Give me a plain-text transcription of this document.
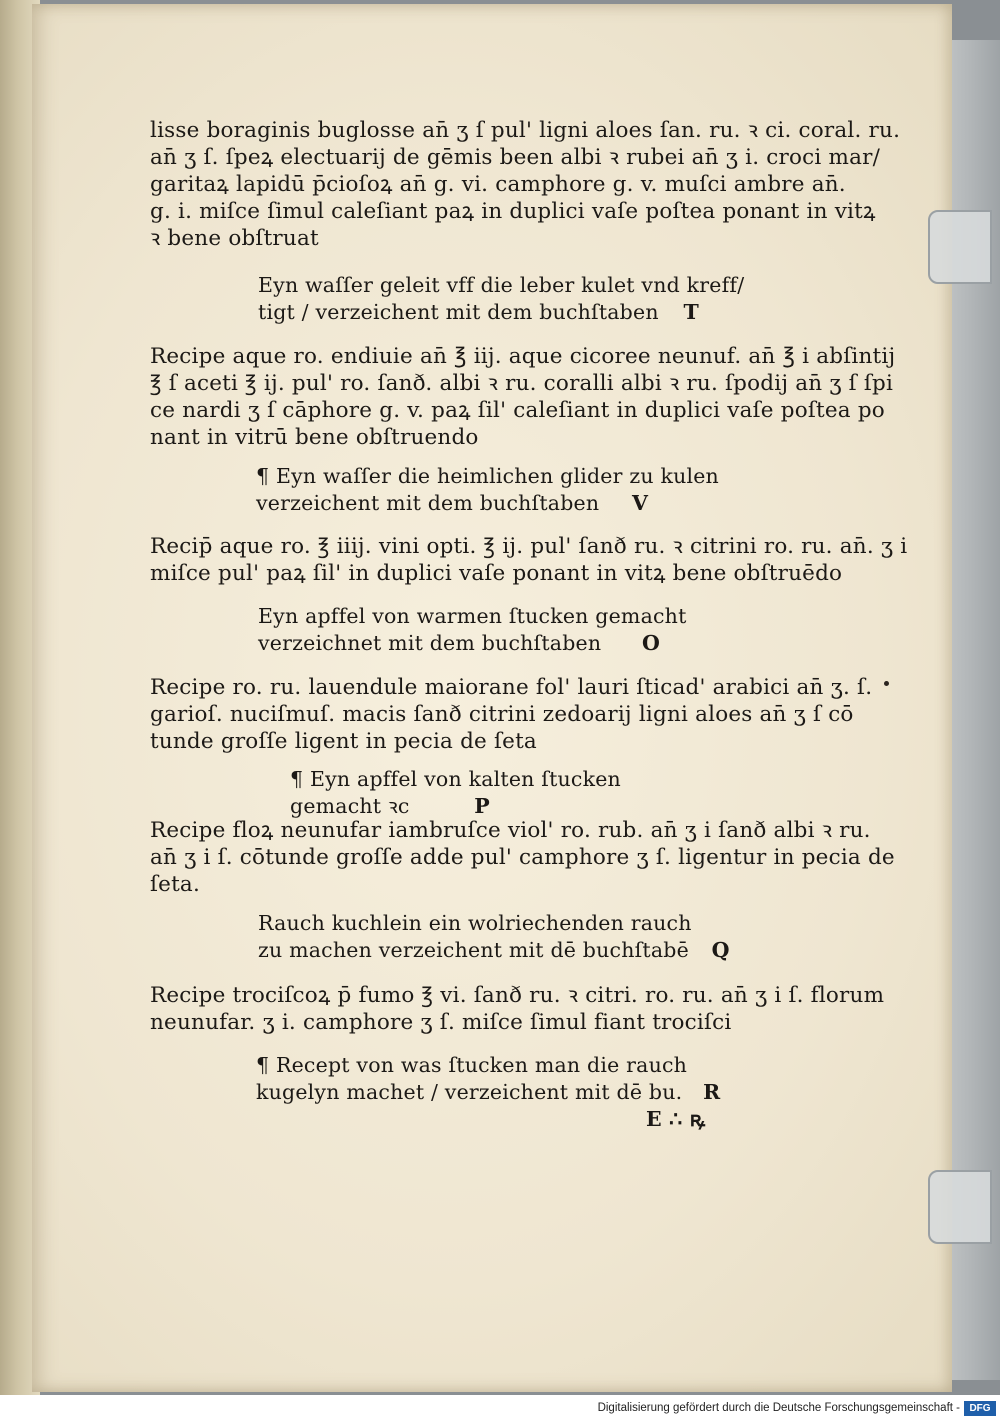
lisse boraginis buglosse an̄ ʒ ſ pul' ligni aloes ſan. ru. ꝛ ci. coral. ru.
an̄ ʒ ſ. ſpeꝝ electuarij de gēmis been albi ꝛ rubei an̄ ʒ i. croci mar/
garitaꝝ lapidū p̄cioſoꝝ an̄ g. vi. camphore g. v. muſci ambre an̄.
g. i. miſce ſimul caleſiant paꝝ in duplici vaſe poſtea ponant in vitꝝ
ꝛ bene obſtruat
Eyn waſſer geleit vff die leber kulet vnd kreff/
tigt / verzeichent mit dem buchſtaben T
Recipe aque ro. endiuie an̄ ℥ iij. aque cicoree neunuf. an̄ ℥ i abſintij
℥ ſ aceti ℥ ij. pul' ro. ſanð. albi ꝛ ru. coralli albi ꝛ ru. ſpodij an̄ ʒ ſ ſpi
ce nardi ʒ ſ cāphore g. v. paꝝ ſil' caleſiant in duplici vaſe poſtea po
nant in vitrū bene obſtruendo
¶ Eyn waſſer die heimlichen glider zu kulen
verzeichent mit dem buchſtaben V
Recip̄ aque ro. ℥ iiij. vini opti. ℥ ij. pul' ſanð ru. ꝛ citrini ro. ru. an̄. ʒ i
miſce pul' paꝝ ſil' in duplici vaſe ponant in vitꝝ bene obſtruēdo
Eyn apffel von warmen ſtucken gemacht
verzeichnet mit dem buchſtaben O
Recipe ro. ru. lauendule maiorane fol' lauri ſticad' arabici an̄ ʒ. ſ.
garioſ. nuciſmuſ. macis ſanð citrini zedoarij ligni aloes an̄ ʒ ſ cō
tunde groſſe ligent in pecia de ſeta
¶ Eyn apffel von kalten ſtucken
gemacht ꝛc	P
Recipe floꝝ neunufar iambruſce viol' ro. rub. an̄ ʒ i ſanð albi ꝛ ru.
an̄ ʒ i ſ. cōtunde groſſe adde pul' camphore ʒ ſ. ligentur in pecia de
ſeta.
Rauch kuchlein ein wolriechenden rauch
zu machen verzeichent mit dē buchſtabē Q
Recipe trociſcoꝝ p̄ fumo ℥ vi. ſanð ru. ꝛ citri. ro. ru. an̄ ʒ i ſ. florum
neunufar. ʒ i. camphore ʒ ſ. miſce ſimul fiant trociſci
¶ Recept von was ſtucken man die rauch
kugelyn machet / verzeichent mit dē bu. R
E ∴ ꝶ
Digitalisierung gefördert durch die Deutsche Forschungsgemeinschaft - DFG
